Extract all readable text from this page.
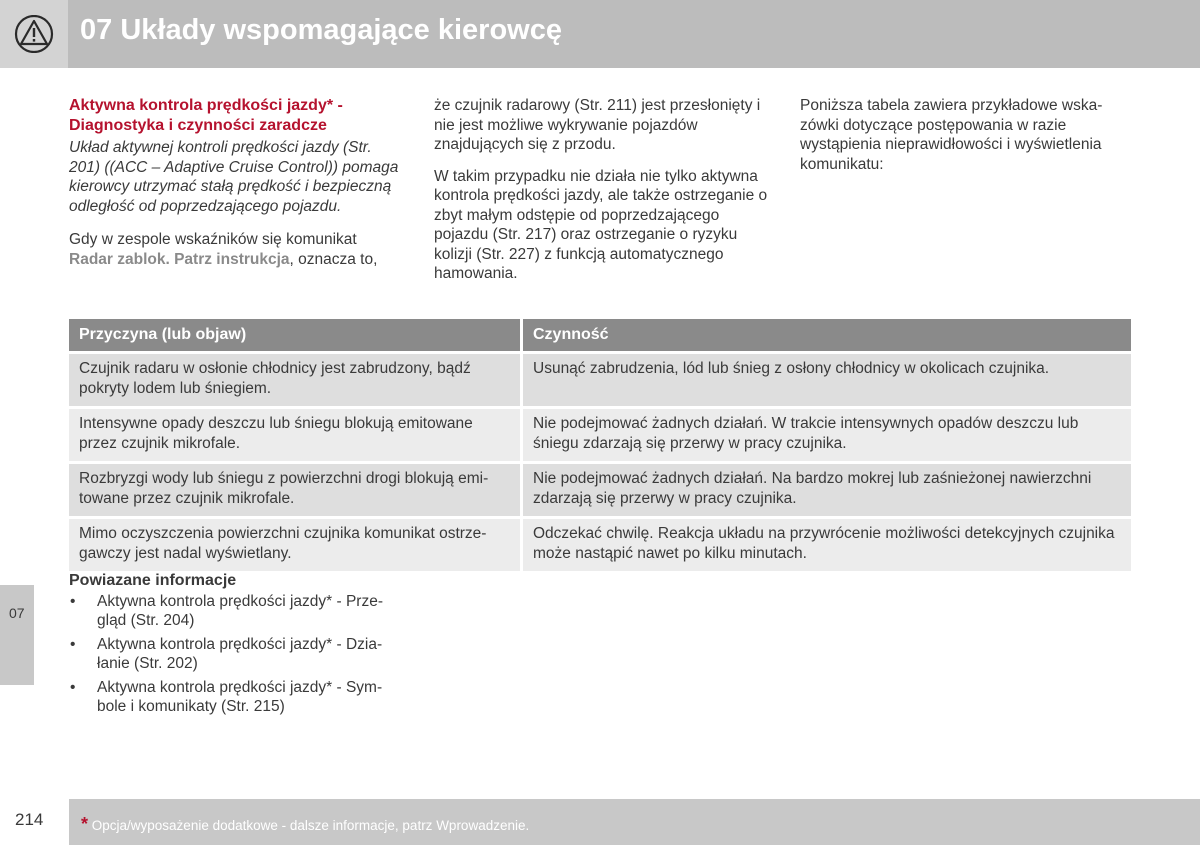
07 Układy wspomagające kierowcę
07
Aktywna kontrola prędkości jazdy* -
Diagnostyka i czynności zaradcze

Układ aktywnej kontroli prędkości jazdy (Str. 201) ((ACC – Adaptive Cruise Control)) pomaga kierowcy utrzymać stałą prędkość i bezpieczną odległość od poprzedzającego pojazdu.

Gdy w zespole wskaźników się komunikat Radar zablok. Patrz instrukcja, oznacza to,

że czujnik radarowy (Str. 211) jest przesłonięty i nie jest możliwe wykrywanie pojazdów znajdujących się z przodu.

W takim przypadku nie działa nie tylko aktywna kontrola prędkości jazdy, ale także ostrzeganie o zbyt małym odstępie od poprzedzającego pojazdu (Str. 217) oraz ostrzeganie o ryzyku kolizji (Str. 227) z funkcją automatycznego hamowania.

Poniższa tabela zawiera przykładowe wskazówki dotyczące postępowania w razie wystąpienia nieprawidłowości i wyświetlenia komunikatu:

Przyczyna (lub objaw)	Czynność
Czujnik radaru w osłonie chłodnicy jest zabrudzony, bądź pokryty lodem lub śniegiem.	Usunąć zabrudzenia, lód lub śnieg z osłony chłodnicy w okolicach czujnika.
Intensywne opady deszczu lub śniegu blokują emitowane przez czujnik mikrofale.	Nie podejmować żadnych działań. W trakcie intensywnych opadów deszczu lub śniegu zdarzają się przerwy w pracy czujnika.
Rozbryzgi wody lub śniegu z powierzchni drogi blokują emitowane przez czujnik mikrofale.	Nie podejmować żadnych działań. Na bardzo mokrej lub zaśnieżonej nawierzchni zdarzają się przerwy w pracy czujnika.
Mimo oczyszczenia powierzchni czujnika komunikat ostrzegawczy jest nadal wyświetlany.	Odczekać chwilę. Reakcja układu na przywrócenie możliwości detekcyjnych czujnika może nastąpić nawet po kilku minutach.
Powiazane informacje
• Aktywna kontrola prędkości jazdy* - Przegląd (Str. 204)
• Aktywna kontrola prędkości jazdy* - Działanie (Str. 202)
• Aktywna kontrola prędkości jazdy* - Symbole i komunikaty (Str. 215)
214 * Opcja/wyposażenie dodatkowe - dalsze informacje, patrz Wprowadzenie.
